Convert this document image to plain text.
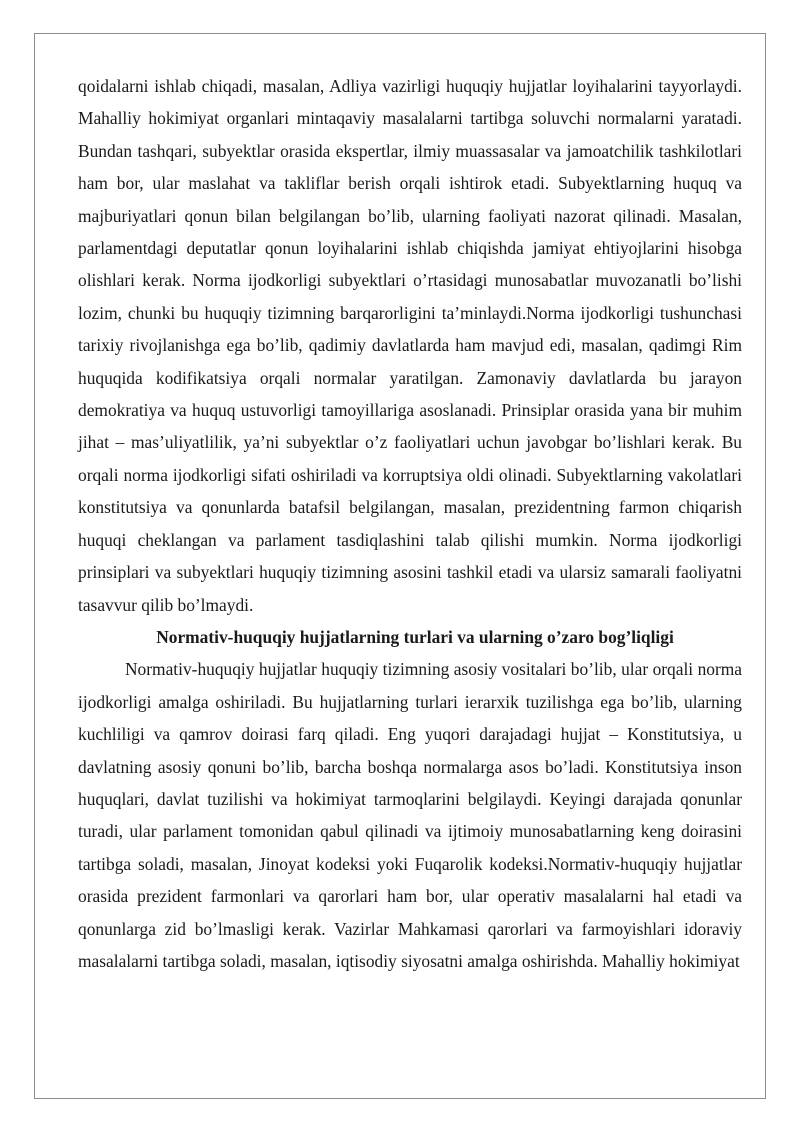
qoidalarni ishlab chiqadi, masalan, Adliya vazirligi huquqiy hujjatlar loyihalarini tayyorlaydi. Mahalliy hokimiyat organlari mintaqaviy masalalarni tartibga soluvchi normalarni yaratadi. Bundan tashqari, subyektlar orasida ekspertlar, ilmiy muassasalar va jamoatchilik tashkilotlari ham bor, ular maslahat va takliflar berish orqali ishtirok etadi. Subyektlarning huquq va majburiyatlari qonun bilan belgilangan bo’lib, ularning faoliyati nazorat qilinadi. Masalan, parlamentdagi deputatlar qonun loyihalarini ishlab chiqishda jamiyat ehtiyojlarini hisobga olishlari kerak. Norma ijodkorligi subyektlari o’rtasidagi munosabatlar muvozanatli bo’lishi lozim, chunki bu huquqiy tizimning barqarorligini ta’minlaydi.Norma ijodkorligi tushunchasi tarixiy rivojlanishga ega bo’lib, qadimiy davlatlarda ham mavjud edi, masalan, qadimgi Rim huquqida kodifikatsiya orqali normalar yaratilgan. Zamonaviy davlatlarda bu jarayon demokratiya va huquq ustuvorligi tamoyillariga asoslanadi. Prinsiplar orasida yana bir muhim jihat – mas’uliyatlilik, ya’ni subyektlar o’z faoliyatlari uchun javobgar bo’lishlari kerak. Bu orqali norma ijodkorligi sifati oshiriladi va korruptsiya oldi olinadi. Subyektlarning vakolatlari konstitutsiya va qonunlarda batafsil belgilangan, masalan, prezidentning farmon chiqarish huquqi cheklangan va parlament tasdiqlashini talab qilishi mumkin. Norma ijodkorligi prinsiplari va subyektlari huquqiy tizimning asosini tashkil etadi va ularsiz samarali faoliyatni tasavvur qilib bo’lmaydi.

Normativ-huquqiy hujjatlarning turlari va ularning o’zaro bog’liqligi

Normativ-huquqiy hujjatlar huquqiy tizimning asosiy vositalari bo’lib, ular orqali norma ijodkorligi amalga oshiriladi. Bu hujjatlarning turlari ierarxik tuzilishga ega bo’lib, ularning kuchliligi va qamrov doirasi farq qiladi. Eng yuqori darajadagi hujjat – Konstitutsiya, u davlatning asosiy qonuni bo’lib, barcha boshqa normalarga asos bo’ladi. Konstitutsiya inson huquqlari, davlat tuzilishi va hokimiyat tarmoqlarini belgilaydi. Keyingi darajada qonunlar turadi, ular parlament tomonidan qabul qilinadi va ijtimoiy munosabatlarning keng doirasini tartibga soladi, masalan, Jinoyat kodeksi yoki Fuqarolik kodeksi.Normativ-huquqiy hujjatlar orasida prezident farmonlari va qarorlari ham bor, ular operativ masalalarni hal etadi va qonunlarga zid bo’lmasligi kerak. Vazirlar Mahkamasi qarorlari va farmoyishlari idoraviy masalalarni tartibga soladi, masalan, iqtisodiy siyosatni amalga oshirishda. Mahalliy hokimiyat
